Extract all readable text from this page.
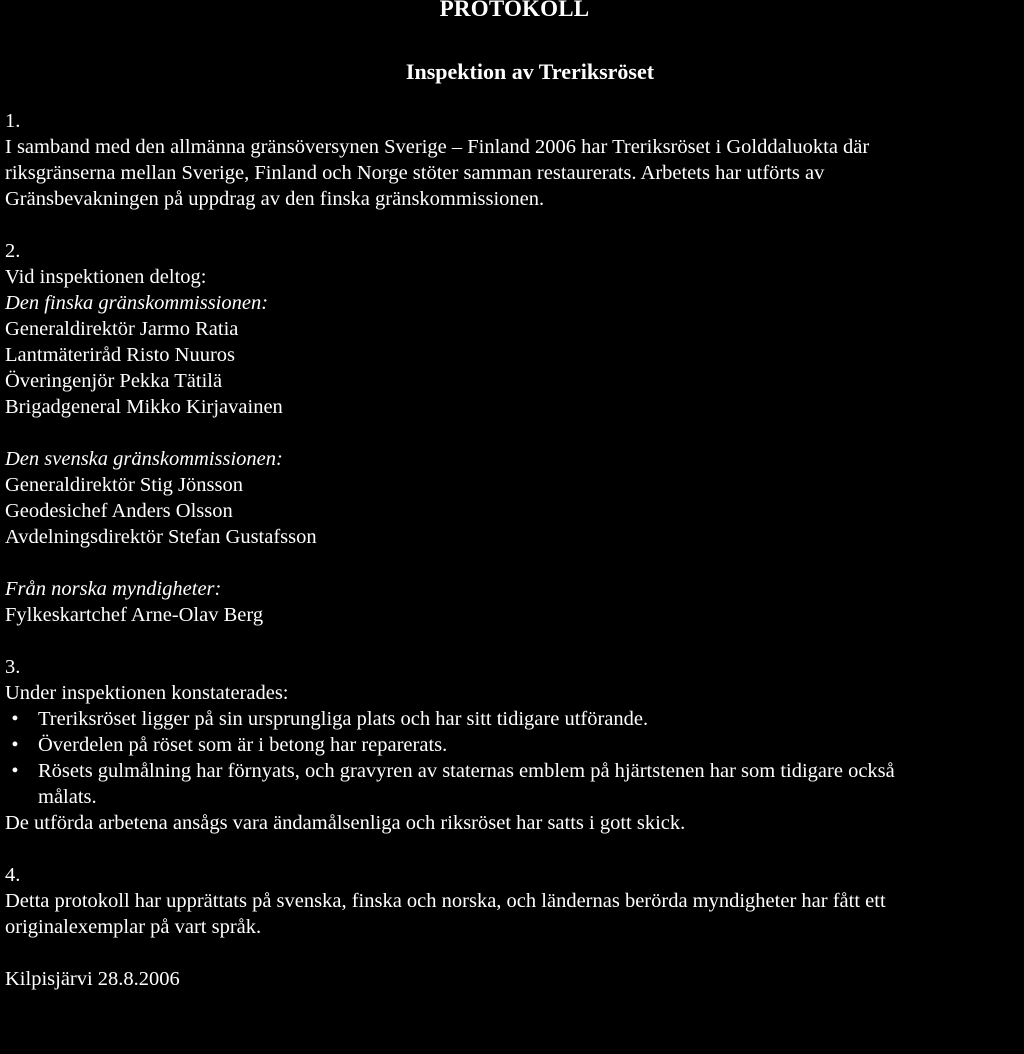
PROTOKOLL
Inspektion av Treriksröset
1.
I samband med den allmänna gränsöversynen Sverige – Finland 2006 har Treriksröset i Golddaluokta där
riksgränserna mellan Sverige, Finland och Norge stöter samman restaurerats. Arbetets har utförts av
Gränsbevakningen på uppdrag av den finska gränskommissionen.
2.
Vid inspektionen deltog:
Den finska gränskommissionen:
Generaldirektör Jarmo Ratia
Lantmäteriråd Risto Nuuros
Överingenjör Pekka Tätilä
Brigadgeneral Mikko Kirjavainen
Den svenska gränskommissionen:
Generaldirektör Stig Jönsson
Geodesichef Anders Olsson
Avdelningsdirektör Stefan Gustafsson
Från norska myndigheter:
Fylkeskartchef Arne-Olav Berg
3.
Under inspektionen konstaterades:
• Treriksröset ligger på sin ursprungliga plats och har sitt tidigare utförande.
• Överdelen på röset som är i betong har reparerats.
• Rösets gulmålning har förnyats, och gravyren av staternas emblem på hjärtstenen har som tidigare också
målats.
De utförda arbetena ansågs vara ändamålsenliga och riksröset har satts i gott skick.
4.
Detta protokoll har upprättats på svenska, finska och norska, och ländernas berörda myndigheter har fått ett
originalexemplar på vart språk.
Kilpisjärvi 28.8.2006
